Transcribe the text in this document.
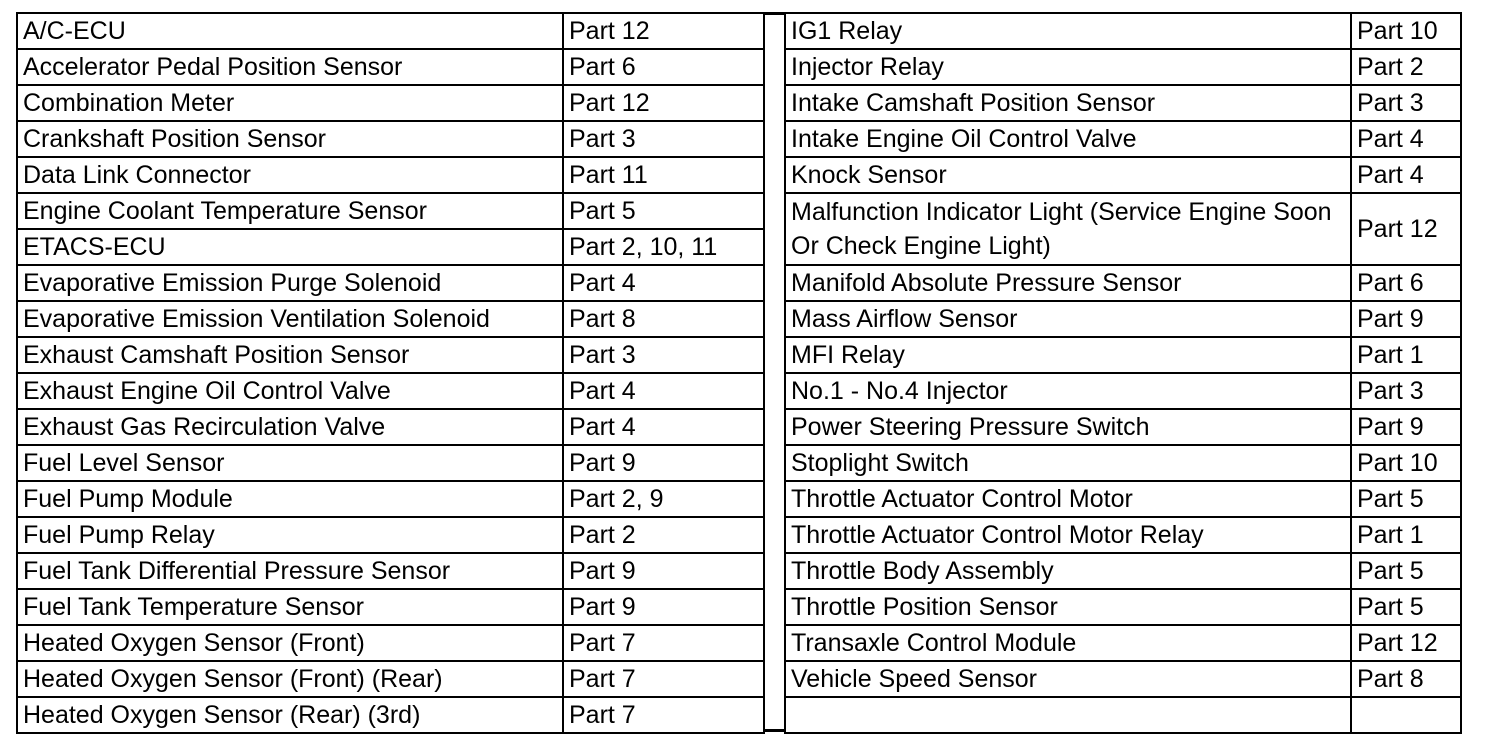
A/C-ECU	Part 12
Accelerator Pedal Position Sensor	Part 6
Combination Meter	Part 12
Crankshaft Position Sensor	Part 3
Data Link Connector	Part 11
Engine Coolant Temperature Sensor	Part 5
ETACS-ECU	Part 2, 10, 11
Evaporative Emission Purge Solenoid	Part 4
Evaporative Emission Ventilation Solenoid	Part 8
Exhaust Camshaft Position Sensor	Part 3
Exhaust Engine Oil Control Valve	Part 4
Exhaust Gas Recirculation Valve	Part 4
Fuel Level Sensor	Part 9
Fuel Pump Module	Part 2, 9
Fuel Pump Relay	Part 2
Fuel Tank Differential Pressure Sensor	Part 9
Fuel Tank Temperature Sensor	Part 9
Heated Oxygen Sensor (Front)	Part 7
Heated Oxygen Sensor (Front) (Rear)	Part 7
Heated Oxygen Sensor (Rear) (3rd)	Part 7
IG1 Relay	Part 10
Injector Relay	Part 2
Intake Camshaft Position Sensor	Part 3
Intake Engine Oil Control Valve	Part 4
Knock Sensor	Part 4
Malfunction Indicator Light (Service Engine Soon Or Check Engine Light)	Part 12
Manifold Absolute Pressure Sensor	Part 6
Mass Airflow Sensor	Part 9
MFI Relay	Part 1
No.1 - No.4 Injector	Part 3
Power Steering Pressure Switch	Part 9
Stoplight Switch	Part 10
Throttle Actuator Control Motor	Part 5
Throttle Actuator Control Motor Relay	Part 1
Throttle Body Assembly	Part 5
Throttle Position Sensor	Part 5
Transaxle Control Module	Part 12
Vehicle Speed Sensor	Part 8
